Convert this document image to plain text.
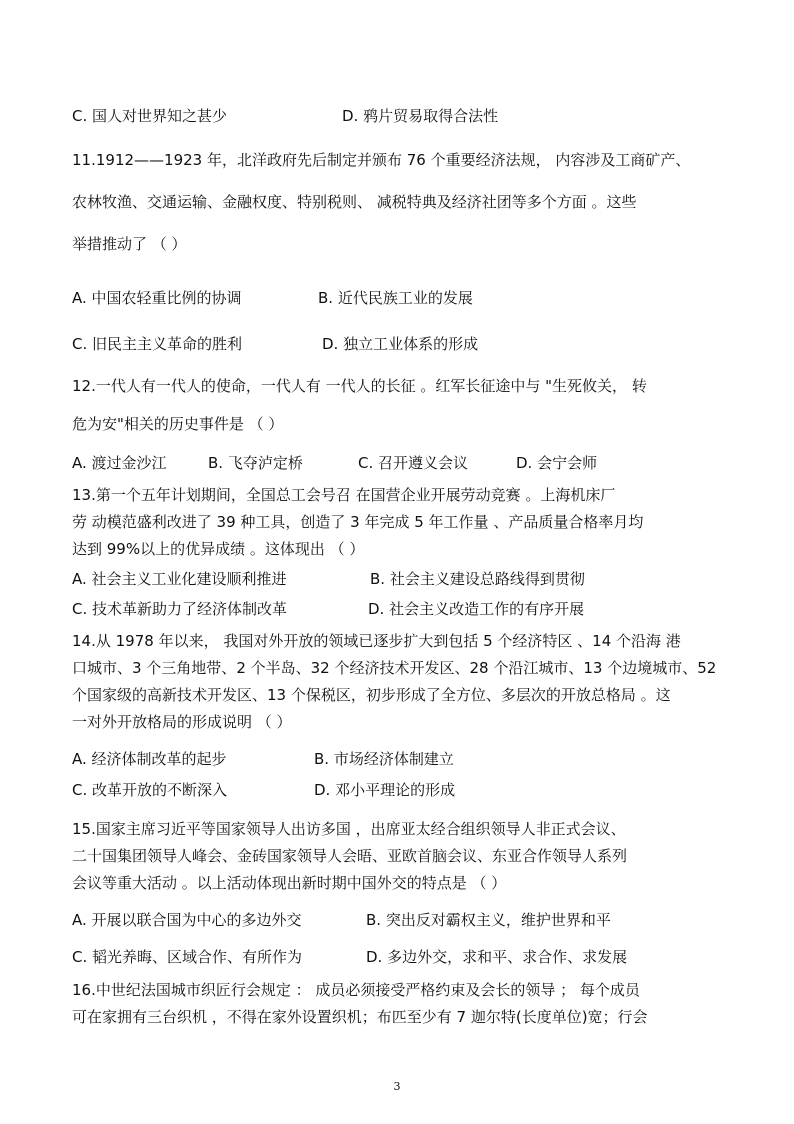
C. 国人对世界知之甚少	D. 鸦片贸易取得合法性
11.1912——1923 年，北洋政府先后制定并颁布 76 个重要经济法规， 内容涉及工商矿产、
农林牧渔、交通运输、金融权度、特别税则、 减税特典及经济社团等多个方面 。这些
举措推动了 （ ）
A. 中国农轻重比例的协调	B. 近代民族工业的发展
C. 旧民主主义革命的胜利	D. 独立工业体系的形成
12.一代人有一代人的使命，一代人有 一代人的长征 。红军长征途中与 "生死攸关， 转
危为安"相关的历史事件是 （ ）
A. 渡过金沙江	B. 飞夺泸定桥	C. 召开遵义会议	D. 会宁会师
13.第一个五年计划期间，全国总工会号召 在国营企业开展劳动竞赛 。上海机床厂
劳 动模范盛利改进了 39 种工具，创造了 3 年完成 5 年工作量 、产品质量合格率月均
达到 99%以上的优异成绩 。这体现出 （ ）
A. 社会主义工业化建设顺利推进	B. 社会主义建设总路线得到贯彻
C. 技术革新助力了经济体制改革	D. 社会主义改造工作的有序开展
14.从 1978 年以来， 我国对外开放的领域已逐步扩大到包括 5 个经济特区 、14 个沿海 港
口城市、3 个三角地带、2 个半岛、32 个经济技术开发区、28 个沿江城市、13 个边境城市、52
个国家级的高新技术开发区、13 个保税区，初步形成了全方位、多层次的开放总格局 。这
一对外开放格局的形成说明 （ ）
A. 经济体制改革的起步	B. 市场经济体制建立
C. 改革开放的不断深入	D. 邓小平理论的形成
15.国家主席习近平等国家领导人出访多国 ，出席亚太经合组织领导人非正式会议、
二十国集团领导人峰会、金砖国家领导人会晤、亚欧首脑会议、东亚合作领导人系列
会议等重大活动 。以上活动体现出新时期中国外交的特点是 （ ）
A. 开展以联合国为中心的多边外交	B. 突出反对霸权主义，维护世界和平
C. 韬光养晦、区域合作、有所作为	D. 多边外交，求和平、求合作、求发展
16.中世纪法国城市织匠行会规定 ： 成员必须接受严格约束及会长的领导 ； 每个成员
可在家拥有三台织机 ，不得在家外设置织机；布匹至少有 7 迦尔特(长度单位)宽；行会
3
